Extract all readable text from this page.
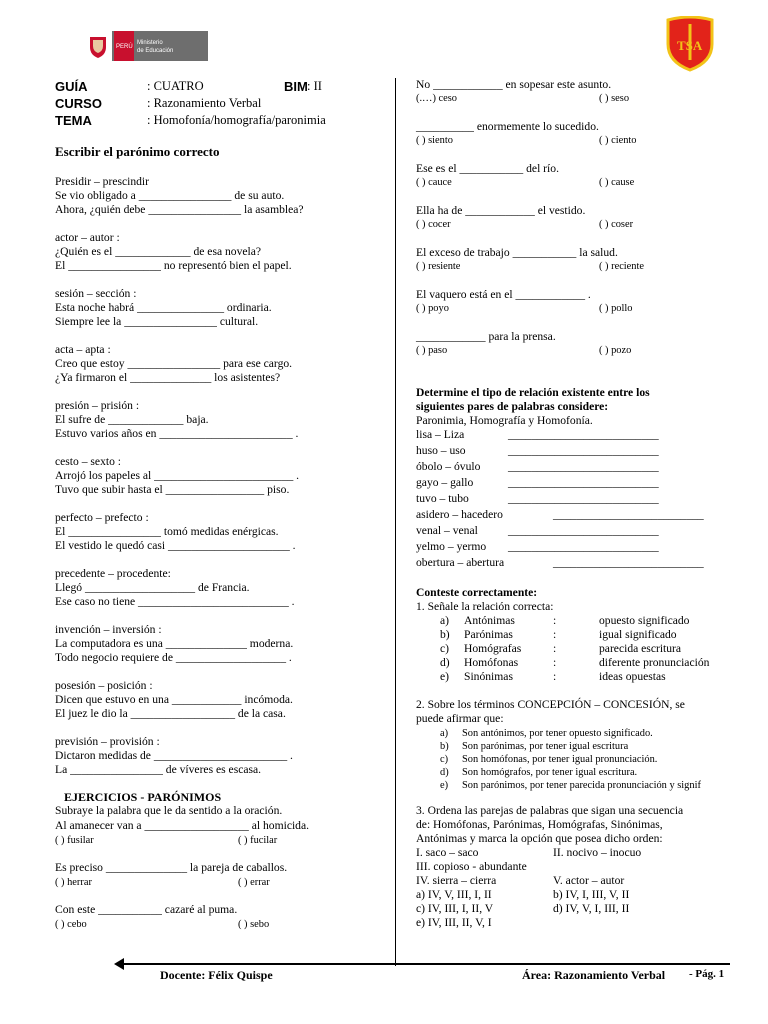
PERÚ
Ministerio
de Educación	TSA
GUÍA	: CUATRO	BIM : II
CURSO	: Razonamiento Verbal
TEMA	: Homofonía/homografía/paronimia
Escribir el parónimo correcto
Presidir – prescindir
Se vio obligado a ________________ de su auto.
Ahora, ¿quién debe ________________ la asamblea?
actor – autor :
¿Quién es el _____________ de esa novela?
El ________________ no representó bien el papel.
sesión – sección :
Esta noche habrá _______________ ordinaria.
Siempre lee la ________________ cultural.
acta – apta :
Creo que estoy ________________ para ese cargo.
¿Ya firmaron el ______________ los asistentes?
presión – prisión :
El sufre de _____________ baja.
Estuvo varios años en _______________________ .
cesto – sexto :
Arrojó los papeles al ________________________ .
Tuvo que subir hasta el _________________ piso.
perfecto – prefecto :
El ________________ tomó medidas enérgicas.
El vestido le quedó casi _____________________ .
precedente – procedente:
Llegó ___________________ de Francia.
Ese caso no tiene __________________________ .
invención – inversión :
La computadora es una ______________ moderna.
Todo negocio requiere de ___________________ .
posesión – posición :
Dicen que estuvo en una ____________ incómoda.
El juez le dio la __________________ de la casa.
previsión – provisión :
Dictaron medidas de _______________________ .
La ________________ de víveres es escasa.
EJERCICIOS - PARÓNIMOS
Subraye la palabra que le da sentido a la oración.
Al amanecer van a __________________ al homicida.
( ) fusilar	( ) fucilar
Es preciso ______________ la pareja de caballos.
( ) herrar	( ) errar
Con este ___________ cazaré al puma.
( ) cebo	( ) sebo
No ____________ en sopesar este asunto.
(.…) ceso	( ) seso
__________ enormemente lo sucedido.
( ) siento	( ) ciento
Ese es el ___________ del río.
( ) cauce	( ) cause
Ella ha de ____________ el vestido.
( ) cocer	( ) coser
El exceso de trabajo ___________ la salud.
( ) resiente	( ) reciente
El vaquero está en el ____________ .
( ) poyo	( ) pollo
____________ para la prensa.
( ) paso	( ) pozo
Determine el tipo de relación existente entre los
siguientes pares de palabras considere:
Paronimia, Homografía y Homofonía.
lisa – Liza	__________________________
huso – uso	__________________________
óbolo – óvulo __________________________
gayo – gallo	__________________________
tuvo – tubo	__________________________
asidero – hacedero	__________________________
venal – venal	__________________________
yelmo – yermo __________________________
obertura – abertura	__________________________
Conteste correctamente:
1. Señale la relación correcta:
a) Antónimas	:	opuesto significado
b) Parónimas	:	igual significado
c) Homógrafas	:	parecida escritura
d) Homófonas	:	diferente pronunciación
e) Sinónimas	:	ideas opuestas
2. Sobre los términos CONCEPCIÓN – CONCESIÓN, se
puede afirmar que:
a) Son antónimos, por tener opuesto significado.
b) Son parónimas, por tener igual escritura
c) Son homófonas, por tener igual pronunciación.
d) Son homógrafos, por tener igual escritura.
e) Son parónimos, por tener parecida pronunciación y signif
3. Ordena las parejas de palabras que sigan una secuencia
de: Homófonas, Parónimas, Homógrafas, Sinónimas,
Antónimas y marca la opción que posea dicho orden:
I. saco – saco	II. nocivo – inocuo
III. copioso - abundante
IV. sierra – cierra	V. actor – autor
a) IV, V, III, I, II	b) IV, I, III, V, II
c) IV, III, I, II, V	d) IV, V, I, III, II
e) IV, III, II, V, I
Docente: Félix Quispe	Área: Razonamiento Verbal - Pág. 1
